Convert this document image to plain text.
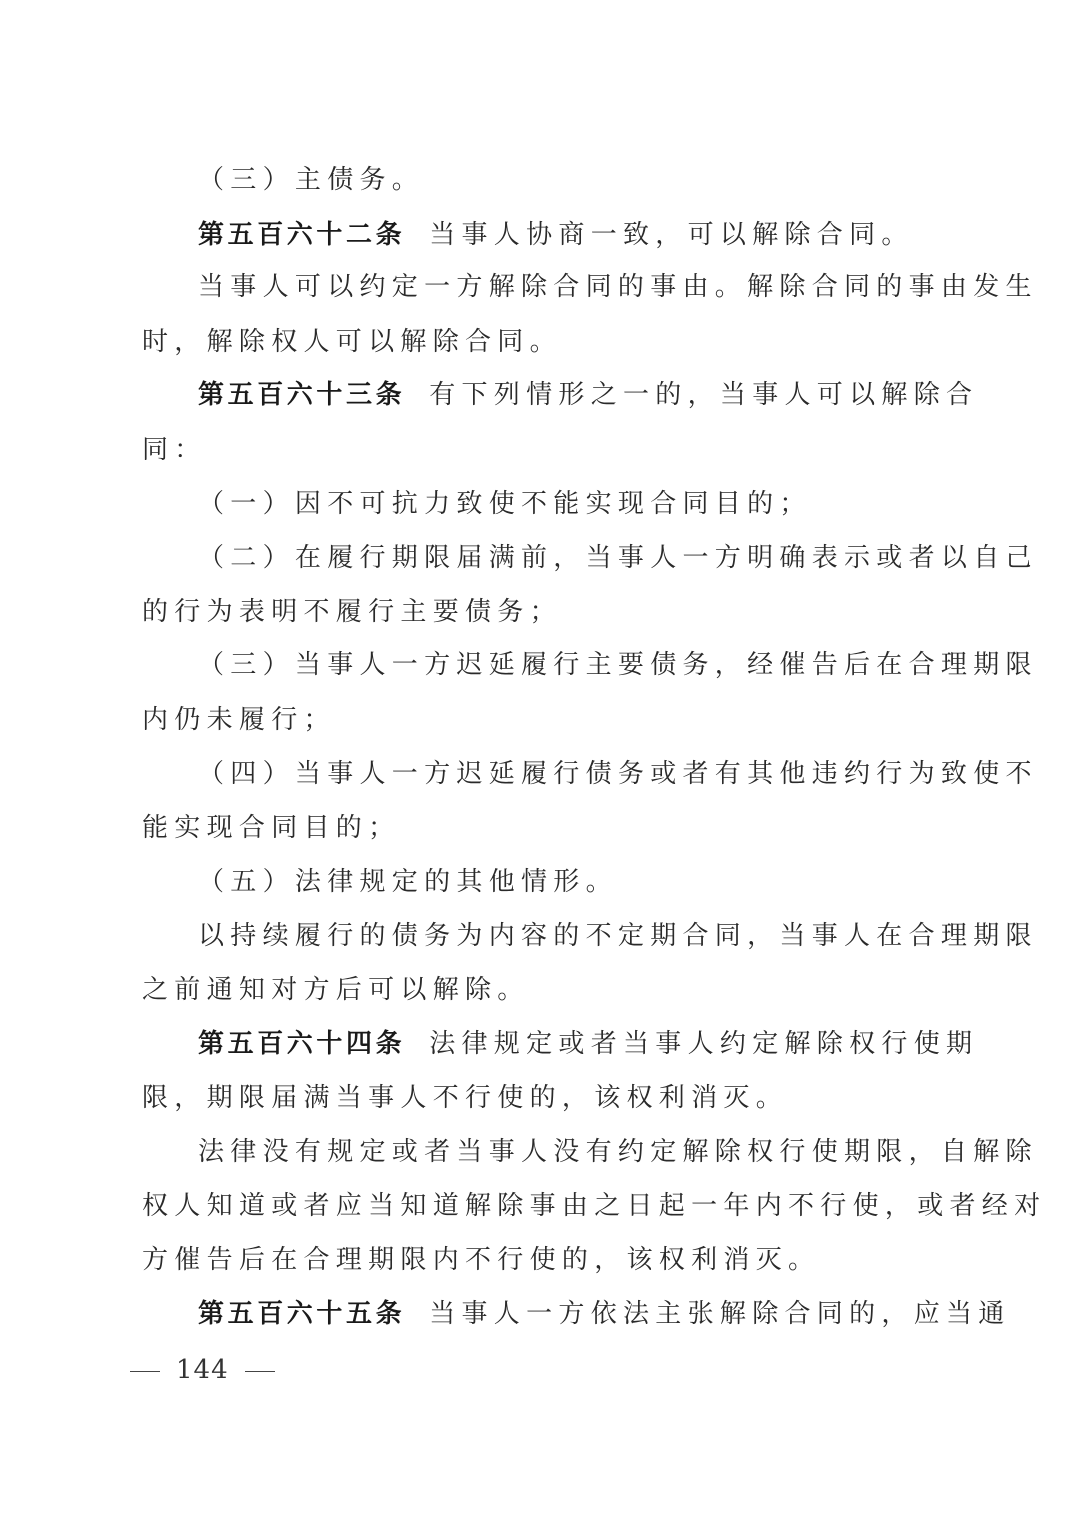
（三）主债务。
第五百六十二条 当事人协商一致，可以解除合同。
当事人可以约定一方解除合同的事由。解除合同的事由发生
时，解除权人可以解除合同。
第五百六十三条 有下列情形之一的，当事人可以解除合
同：
（一）因不可抗力致使不能实现合同目的；
（二）在履行期限届满前，当事人一方明确表示或者以自己
的行为表明不履行主要债务；
（三）当事人一方迟延履行主要债务，经催告后在合理期限
内仍未履行；
（四）当事人一方迟延履行债务或者有其他违约行为致使不
能实现合同目的；
（五）法律规定的其他情形。
以持续履行的债务为内容的不定期合同，当事人在合理期限
之前通知对方后可以解除。
第五百六十四条 法律规定或者当事人约定解除权行使期
限，期限届满当事人不行使的，该权利消灭。
法律没有规定或者当事人没有约定解除权行使期限，自解除
权人知道或者应当知道解除事由之日起一年内不行使，或者经对
方催告后在合理期限内不行使的，该权利消灭。
第五百六十五条 当事人一方依法主张解除合同的，应当通
144
